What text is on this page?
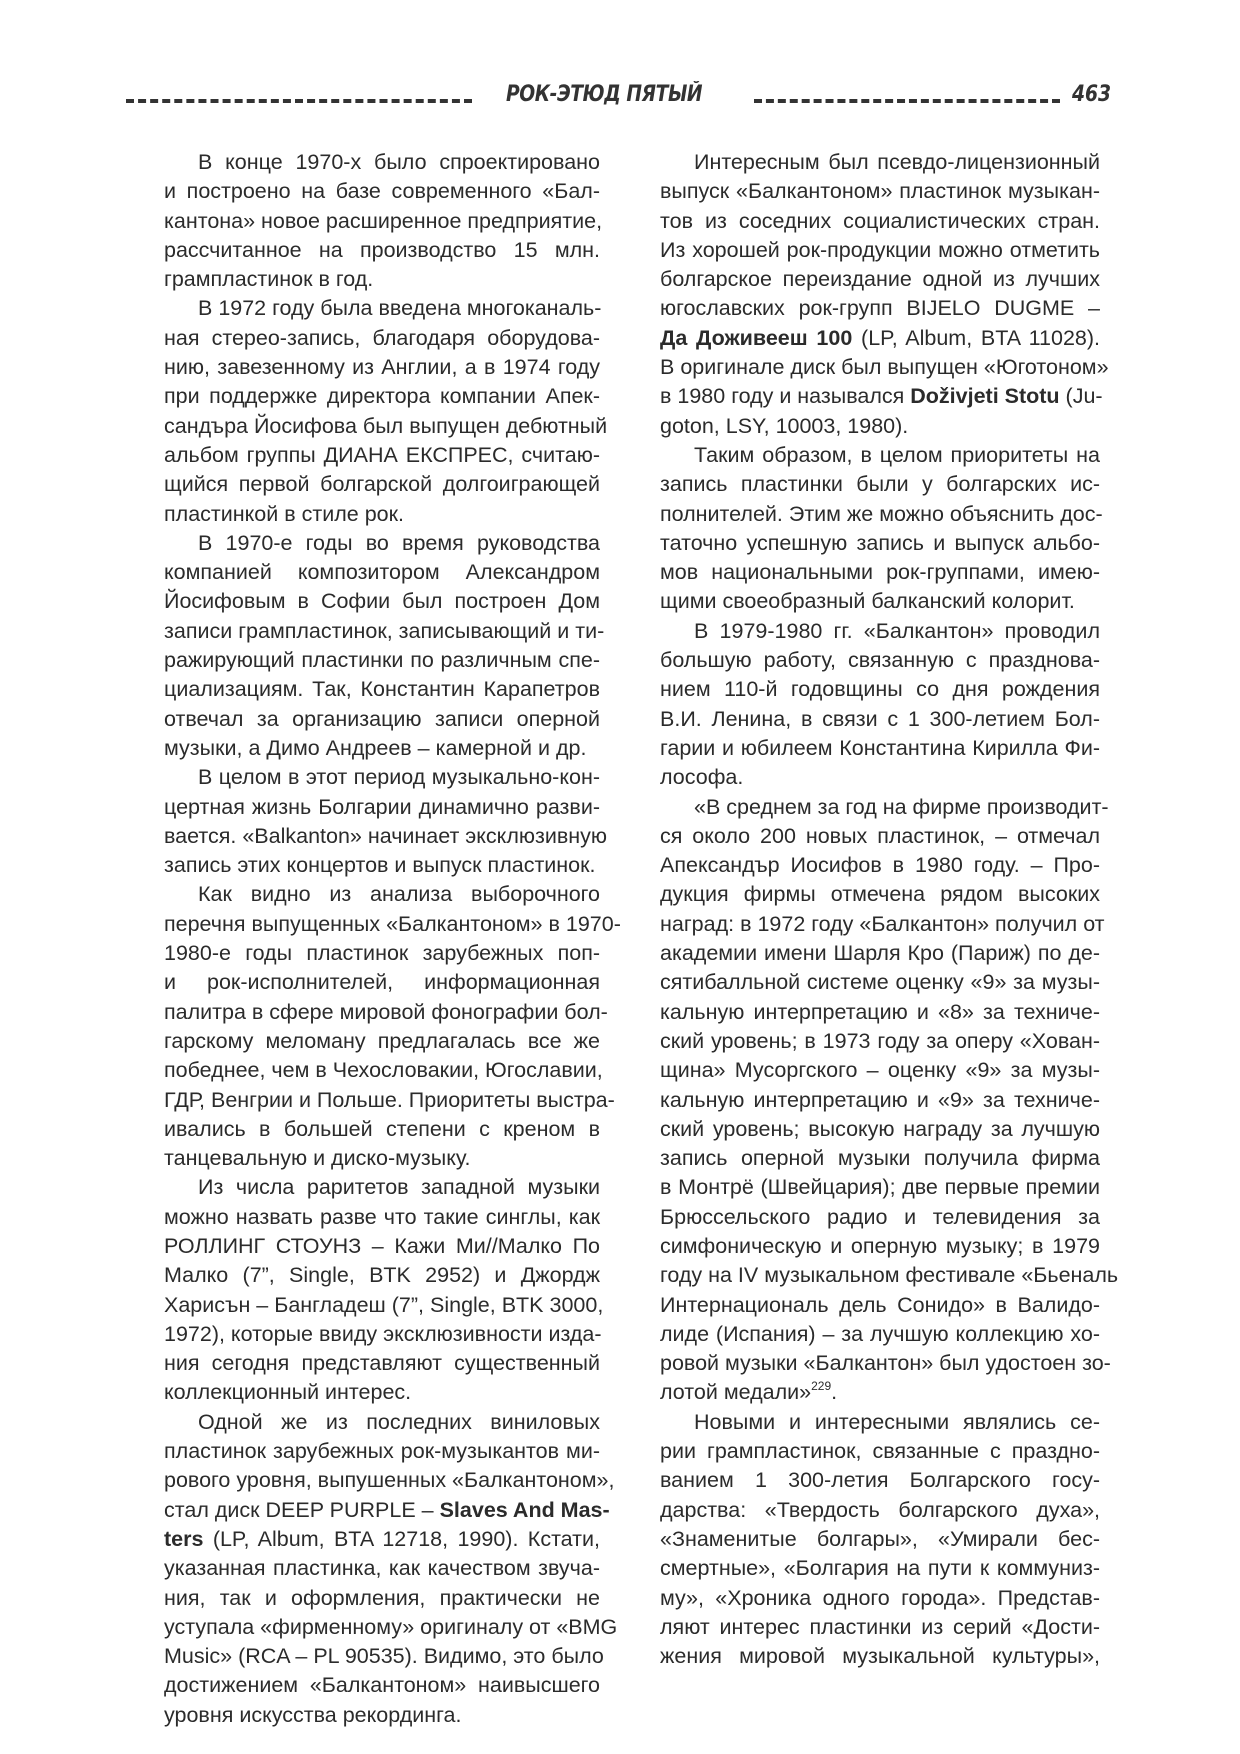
РОК-ЭТЮД ПЯТЫЙ	463
В конце 1970-х было спроектировано
и построено на базе современного «Бал-
кантона» новое расширенное предприятие,
рассчитанное на производство 15 млн.
грампластинок в год.
В 1972 году была введена многоканаль-
ная стерео-запись, благодаря оборудова-
нию, завезенному из Англии, а в 1974 году
при поддержке директора компании Апек-
сандъра Йосифова был выпущен дебютный
альбом группы ДИАНА ЕКСПРЕС, считаю-
щийся первой болгарской долгоиграющей
пластинкой в стиле рок.
В 1970-е годы во время руководства
компанией композитором Александром
Йосифовым в Софии был построен Дом
записи грампластинок, записывающий и ти-
ражирующий пластинки по различным спе-
циализациям. Так, Константин Карапетров
отвечал за организацию записи оперной
музыки, а Димо Андреев – камерной и др.
В целом в этот период музыкально-кон-
цертная жизнь Болгарии динамично разви-
вается. «Balkanton» начинает эксклюзивную
запись этих концертов и выпуск пластинок.
Как видно из анализа выборочного
перечня выпущенных «Балкантоном» в 1970-
1980-е годы пластинок зарубежных поп-
и рок-исполнителей, информационная
палитра в сфере мировой фонографии бол-
гарскому меломану предлагалась все же
победнее, чем в Чехословакии, Югославии,
ГДР, Венгрии и Польше. Приоритеты выстра-
ивались в большей степени с креном в
танцевальную и диско-музыку.
Из числа раритетов западной музыки
можно назвать разве что такие синглы, как
РОЛЛИНГ СТОУНЗ – Кажи Ми//Малко По
Малко (7”, Single, BTK 2952) и Джордж
Харисън – Бангладеш (7”, Single, BTK 3000,
1972), которые ввиду эксклюзивности изда-
ния сегодня представляют существенный
коллекционный интерес.
Одной же из последних виниловых
пластинок зарубежных рок-музыкантов ми-
рового уровня, выпушенных «Балкантоном»,
стал диск DEEP PURPLE – Slaves And Mas-
ters (LP, Album, BTA 12718, 1990). Кстати,
указанная пластинка, как качеством звуча-
ния, так и оформления, практически не
уступала «фирменному» оригиналу от «BMG
Music» (RCA – PL 90535). Видимо, это было
достижением «Балкантоном» наивысшего
уровня искусства рекординга.
Интересным был псевдо-лицензионный
выпуск «Балкантоном» пластинок музыкан-
тов из соседних социалистических стран.
Из хорошей рок-продукции можно отметить
болгарское переиздание одной из лучших
югославских рок-групп BIJELO DUGME –
Да Доживееш 100 (LP, Album, BTA 11028).
В оригинале диск был выпущен «Юготоном»
в 1980 году и назывался Doživjeti Stotu (Ju-
goton, LSY, 10003, 1980).
Таким образом, в целом приоритеты на
запись пластинки были у болгарских ис-
полнителей. Этим же можно объяснить дос-
таточно успешную запись и выпуск альбо-
мов национальными рок-группами, имею-
щими своеобразный балканский колорит.
В 1979-1980 гг. «Балкантон» проводил
большую работу, связанную с празднова-
нием 110-й годовщины со дня рождения
В.И. Ленина, в связи с 1 300-летием Бол-
гарии и юбилеем Константина Кирилла Фи-
лософа.
«В среднем за год на фирме производит-
ся около 200 новых пластинок, – отмечал
Апександър Иосифов в 1980 году. – Про-
дукция фирмы отмечена рядом высоких
наград: в 1972 году «Балкантон» получил от
академии имени Шарля Кро (Париж) по де-
сятибалльной системе оценку «9» за музы-
кальную интерпретацию и «8» за техниче-
ский уровень; в 1973 году за оперу «Хован-
щина» Мусоргского – оценку «9» за музы-
кальную интерпретацию и «9» за техниче-
ский уровень; высокую награду за лучшую
запись оперной музыки получила фирма
в Монтрё (Швейцария); две первые премии
Брюссельского радио и телевидения за
симфоническую и оперную музыку; в 1979
году на IV музыкальном фестивале «Бьеналь
Интернациональ дель Сонидо» в Валидо-
лиде (Испания) – за лучшую коллекцию хо-
ровой музыки «Балкантон» был удостоен зо-
лотой медали»$^{229}$.
Новыми и интересными являлись се-
рии грампластинок, связанные с праздно-
ванием 1 300-летия Болгарского госу-
дарства: «Твердость болгарского духа»,
«Знаменитые болгары», «Умирали бес-
смертные», «Болгария на пути к коммуниз-
му», «Хроника одного города». Представ-
ляют интерес пластинки из серий «Дости-
жения мировой музыкальной культуры»,
